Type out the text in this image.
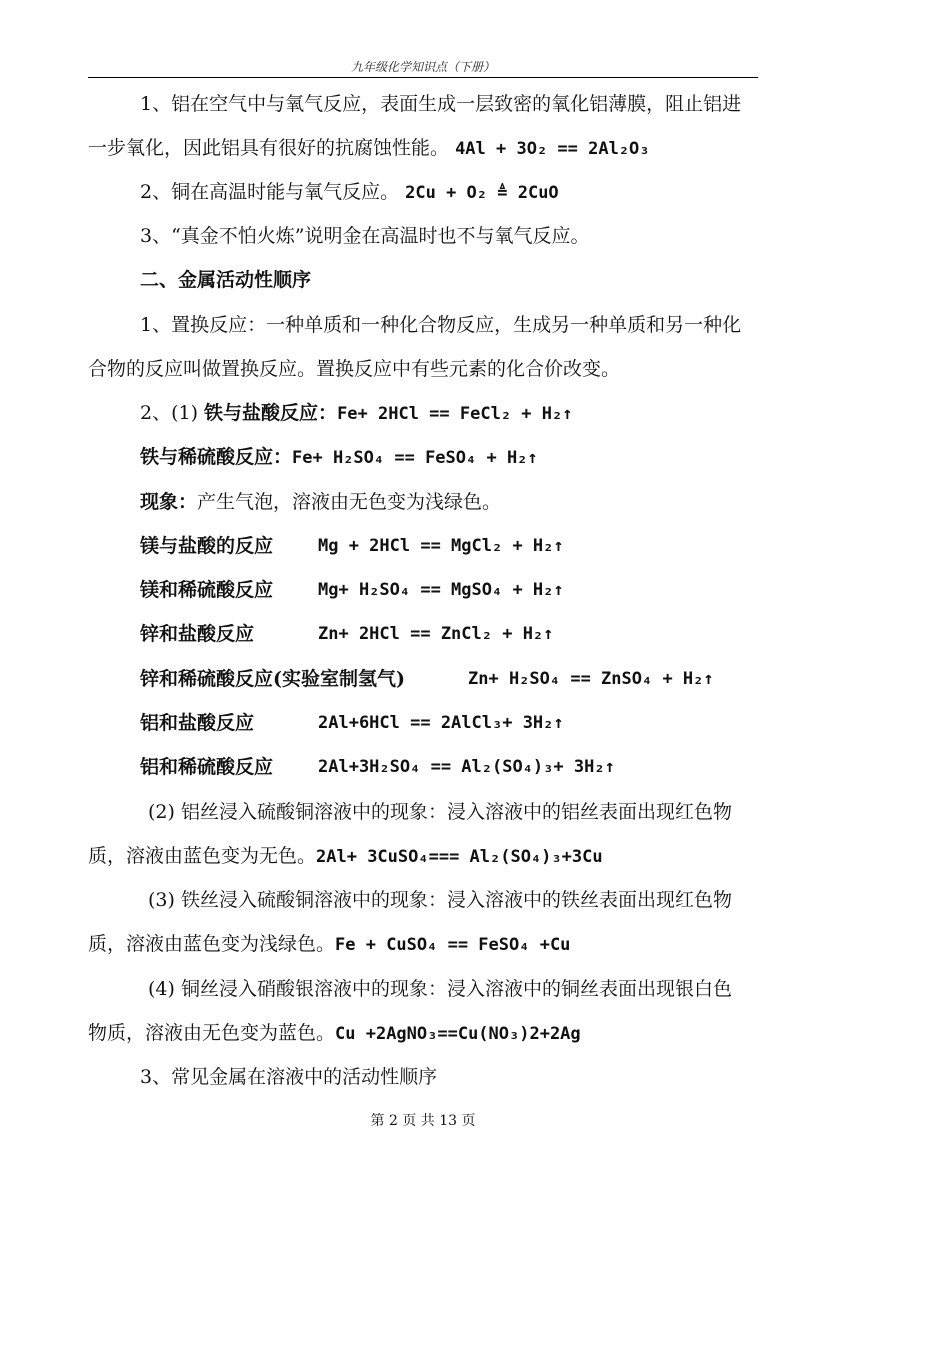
九年级化学知识点（下册）
1、铝在空气中与氧气反应，表面生成一层致密的氧化铝薄膜，阻止铝进
一步氧化，因此铝具有很好的抗腐蚀性能。 4Al + 3O₂ == 2Al₂O₃
2、铜在高温时能与氧气反应。 2Cu + O₂ ≜ 2CuO
3、“真金不怕火炼”说明金在高温时也不与氧气反应。
二、金属活动性顺序
1、置换反应：一种单质和一种化合物反应，生成另一种单质和另一种化
合物的反应叫做置换反应。置换反应中有些元素的化合价改变。
2、(1) 铁与盐酸反应：Fe+ 2HCl == FeCl₂ + H₂↑
铁与稀硫酸反应：Fe+ H₂SO₄ == FeSO₄ + H₂↑
现象：产生气泡，溶液由无色变为浅绿色。
镁与盐酸的反应	Mg + 2HCl == MgCl₂ + H₂↑
镁和稀硫酸反应	Mg+ H₂SO₄ == MgSO₄ + H₂↑
锌和盐酸反应	Zn+ 2HCl == ZnCl₂ + H₂↑
锌和稀硫酸反应(实验室制氢气)	Zn+ H₂SO₄ == ZnSO₄ + H₂↑
铝和盐酸反应	2Al+6HCl == 2AlCl₃+ 3H₂↑
铝和稀硫酸反应	2Al+3H₂SO₄ == Al₂(SO₄)₃+ 3H₂↑
(2) 铝丝浸入硫酸铜溶液中的现象：浸入溶液中的铝丝表面出现红色物
质，溶液由蓝色变为无色。2Al+ 3CuSO₄=== Al₂(SO₄)₃+3Cu
(3) 铁丝浸入硫酸铜溶液中的现象：浸入溶液中的铁丝表面出现红色物
质，溶液由蓝色变为浅绿色。Fe + CuSO₄ == FeSO₄ +Cu
(4) 铜丝浸入硝酸银溶液中的现象：浸入溶液中的铜丝表面出现银白色
物质，溶液由无色变为蓝色。Cu +2AgNO₃==Cu(NO₃)2+2Ag
3、常见金属在溶液中的活动性顺序
第 2 页 共 13 页
